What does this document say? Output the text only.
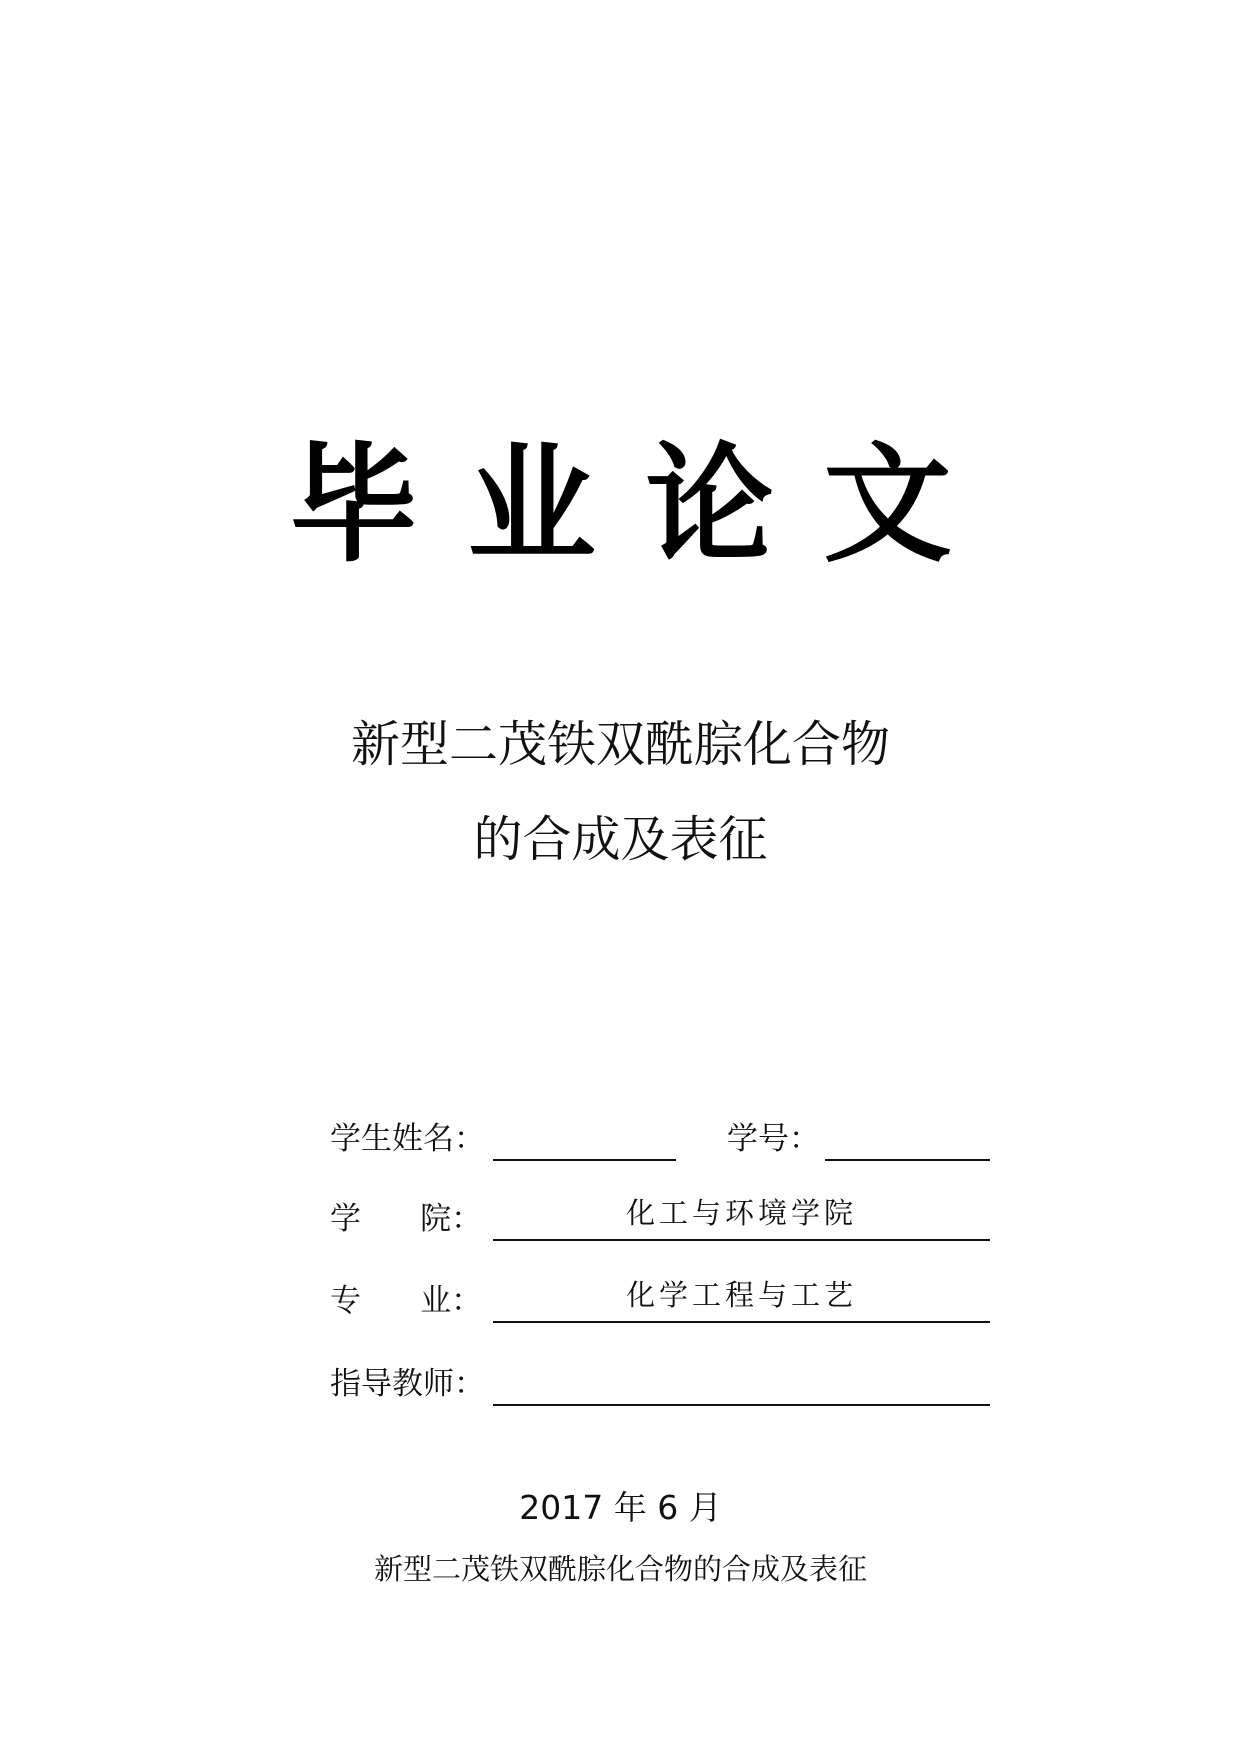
毕业论文
新型二茂铁双酰腙化合物
的合成及表征
学生姓名：	学号：
学      院：	化工与环境学院
专      业：	化学工程与工艺
指导教师：
2017 年 6 月
新型二茂铁双酰腙化合物的合成及表征
